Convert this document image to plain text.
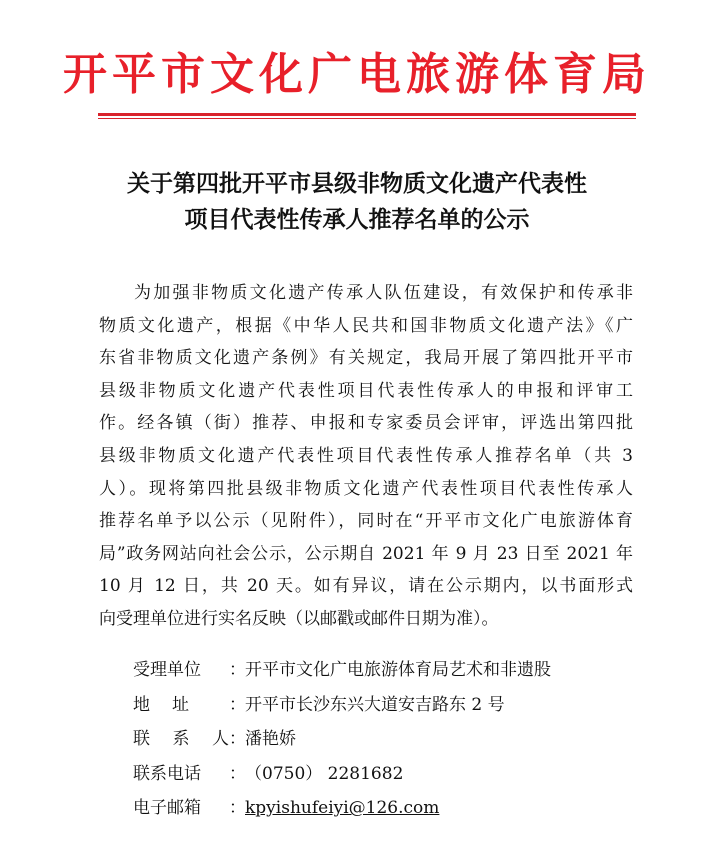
开平市文化广电旅游体育局
关于第四批开平市县级非物质文化遗产代表性
项目代表性传承人推荐名单的公示
为加强非物质文化遗产传承人队伍建设，有效保护和传承非
物质文化遗产，根据《中华人民共和国非物质文化遗产法》《广
东省非物质文化遗产条例》有关规定，我局开展了第四批开平市
县级非物质文化遗产代表性项目代表性传承人的申报和评审工
作。经各镇（街）推荐、申报和专家委员会评审，评选出第四批
县级非物质文化遗产代表性项目代表性传承人推荐名单（共 3
人）。现将第四批县级非物质文化遗产代表性项目代表性传承人
推荐名单予以公示（见附件），同时在“开平市文化广电旅游体育
局”政务网站向社会公示，公示期自 2021 年 9 月 23 日至 2021 年
10 月 12 日，共 20 天。如有异议，请在公示期内，以书面形式
向受理单位进行实名反映（以邮戳或邮件日期为准）。
受理单位	： 开平市文化广电旅游体育局艺术和非遗股
地 址 ： 开平市长沙东兴大道安吉路东 2 号
联 系 人 ： 潘艳娇
联系电话	： （0750） 2281682
电子邮箱	： kpyishufeiyi@126.com
